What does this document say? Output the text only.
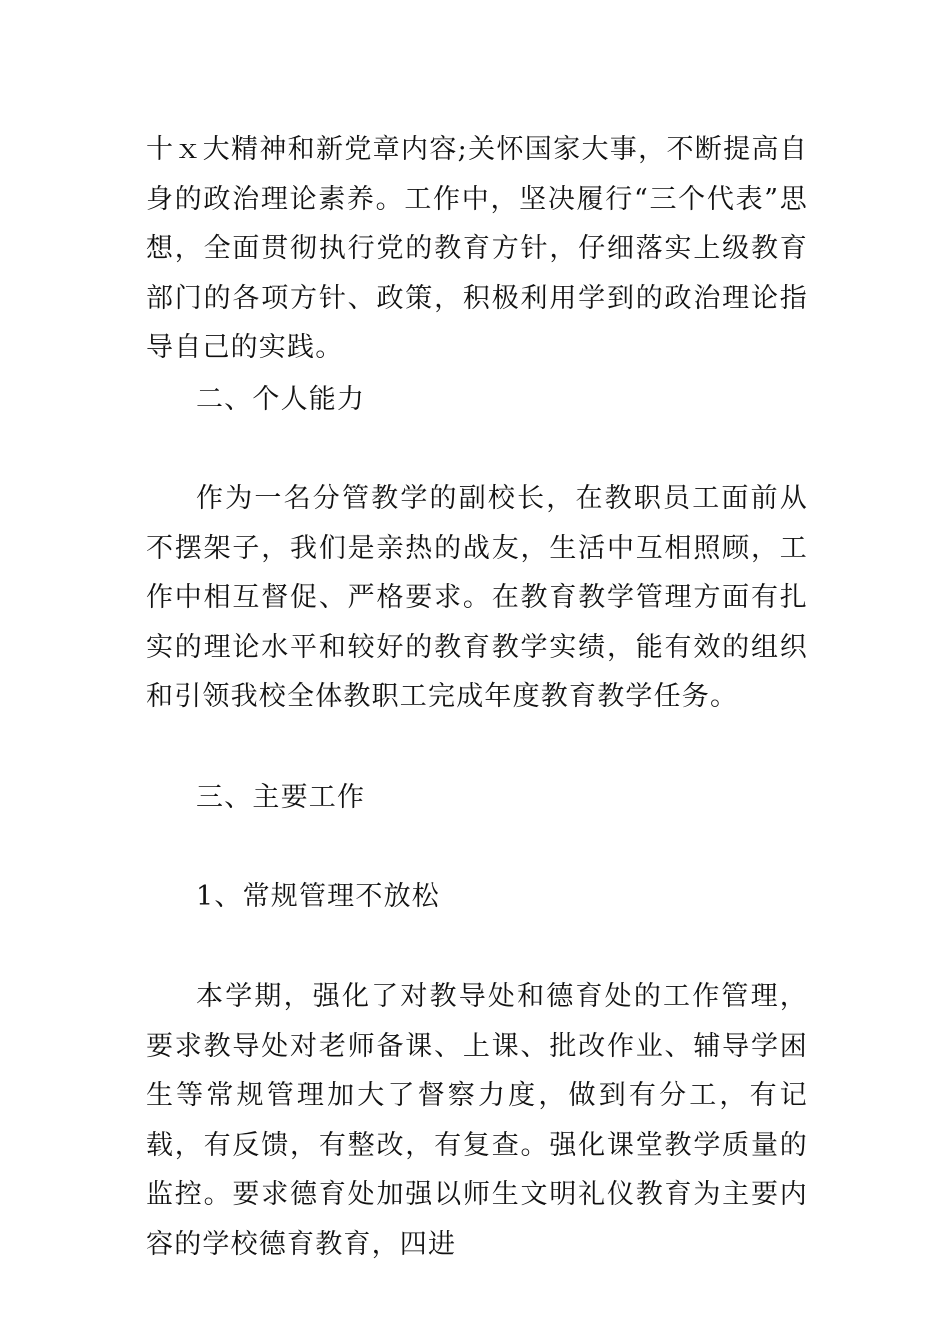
十ｘ大精神和新党章内容;关怀国家大事，不断提高自身的政治理论素养。工作中，坚决履行“三个代表”思想，全面贯彻执行党的教育方针，仔细落实上级教育部门的各项方针、政策，积极利用学到的政治理论指导自己的实践。
二、个人能力
作为一名分管教学的副校长，在教职员工面前从不摆架子，我们是亲热的战友，生活中互相照顾，工作中相互督促、严格要求。在教育教学管理方面有扎实的理论水平和较好的教育教学实绩，能有效的组织和引领我校全体教职工完成年度教育教学任务。
三、主要工作
1、常规管理不放松
本学期，强化了对教导处和德育处的工作管理，要求教导处对老师备课、上课、批改作业、辅导学困生等常规管理加大了督察力度，做到有分工，有记载，有反馈，有整改，有复查。强化课堂教学质量的监控。要求德育处加强以师生文明礼仪教育为主要内容的学校德育教育，四进
